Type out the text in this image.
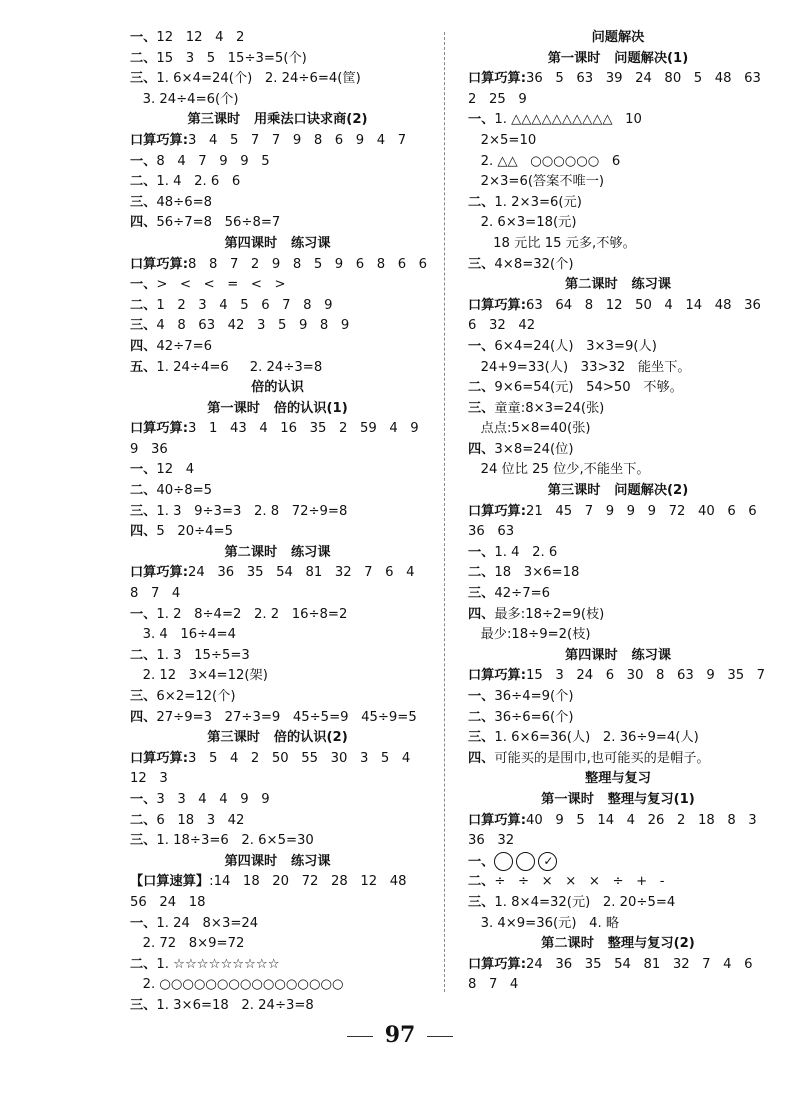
一、12   12   4   2
二、15   3   5   15÷3=5(个)
三、1. 6×4=24(个)   2. 24÷6=4(筐)
3. 24÷4=6(个)
第三课时   用乘法口诀求商(2)
口算巧算:3   4   5   7   7   9   8   6   9   4   7
一、8   4   7   9   9   5
二、1. 4   2. 6   6
三、48÷6=8
四、56÷7=8   56÷8=7
第四课时   练习课
口算巧算:8   8   7   2   9   8   5   9   6   8   6   6
一、>   <   <   =   <   >
二、1   2   3   4   5   6   7   8   9
三、4   8   63   42   3   5   9   8   9
四、42÷7=6
五、1. 24÷4=6     2. 24÷3=8
倍的认识
第一课时   倍的认识(1)
口算巧算:3   1   43   4   16   35   2   59   4   9
9   36
一、12   4
二、40÷8=5
三、1. 3   9÷3=3   2. 8   72÷9=8
四、5   20÷4=5
第二课时   练习课
口算巧算:24   36   35   54   81   32   7   6   4
8   7   4
一、1. 2   8÷4=2   2. 2   16÷8=2
3. 4   16÷4=4
二、1. 3   15÷5=3
2. 12   3×4=12(架)
三、6×2=12(个)
四、27÷9=3   27÷3=9   45÷5=9   45÷9=5
第三课时   倍的认识(2)
口算巧算:3   5   4   2   50   55   30   3   5   4
12   3
一、3   3   4   4   9   9
二、6   18   3   42
三、1. 18÷3=6   2. 6×5=30
第四课时   练习课
【口算速算】:14   18   20   72   28   12   48
56   24   18
一、1. 24   8×3=24
2. 72   8×9=72
二、1. ☆☆☆☆☆☆☆☆☆
2. ○○○○○○○○○○○○○○○○
三、1. 3×6=18   2. 24÷3=8
问题解决
第一课时   问题解决(1)
口算巧算:36   5   63   39   24   80   5   48   63
2   25   9
一、1. △△△△△△△△△△   10
2×5=10
2. △△   ○○○○○○   6
2×3=6(答案不唯一)
二、1. 2×3=6(元)
2. 6×3=18(元)
18 元比 15 元多,不够。
三、4×8=32(个)
第二课时   练习课
口算巧算:63   64   8   12   50   4   14   48   36
6   32   42
一、6×4=24(人)   3×3=9(人)
24+9=33(人)   33>32   能坐下。
二、9×6=54(元)   54>50   不够。
三、童童:8×3=24(张)
点点:5×8=40(张)
四、3×8=24(位)
24 位比 25 位少,不能坐下。
第三课时   问题解决(2)
口算巧算:21   45   7   9   9   9   72   40   6   6
36   63
一、1. 4   2. 6
二、18   3×6=18
三、42÷7=6
四、最多:18÷2=9(枝)
最少:18÷9=2(枝)
第四课时   练习课
口算巧算:15   3   24   6   30   8   63   9   35   7
一、36÷4=9(个)
二、36÷6=6(个)
三、1. 6×6=36(人)   2. 36÷9=4(人)
四、可能买的是围巾,也可能买的是帽子。
整理与复习
第一课时   整理与复习(1)
口算巧算:40   9   5   14   4   26   2   18   8   3
36   32
一、	✓
二、÷   ÷   ×   ×   ×   ÷   +   -
三、1. 8×4=32(元)   2. 20÷5=4
3. 4×9=36(元)   4. 略
第二课时   整理与复习(2)
口算巧算:24   36   35   54   81   32   7   4   6
8   7   4
97
